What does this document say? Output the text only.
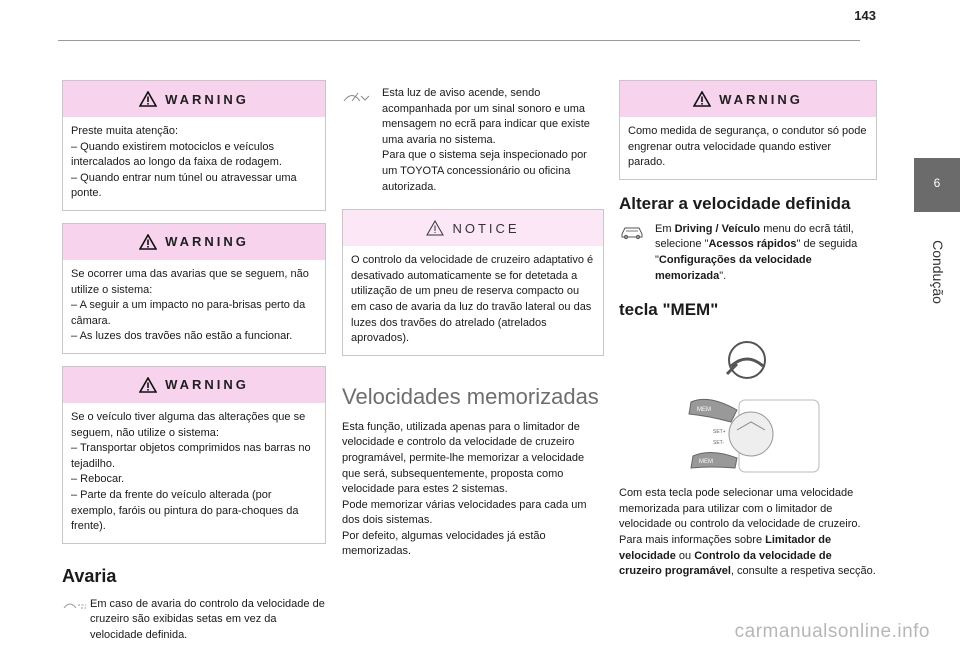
143
6
Condução
WARNING

Preste muita atenção:
– Quando existirem motociclos e veículos intercalados ao longo da faixa de rodagem.
– Quando entrar num túnel ou atravessar uma ponte.

WARNING

Se ocorrer uma das avarias que se seguem, não utilize o sistema:
– A seguir a um impacto no para-brisas perto da câmara.
– As luzes dos travões não estão a funcionar.

WARNING

Se o veículo tiver alguma das alterações que se seguem, não utilize o sistema:
– Transportar objetos comprimidos nas barras no tejadilho.
– Rebocar.
– Parte da frente do veículo alterada (por exemplo, faróis ou pintura do para-choques da frente).

Avaria

Em caso de avaria do controlo da velocidade de cruzeiro são exibidas setas em vez da velocidade definida.

Esta luz de aviso acende, sendo acompanhada por um sinal sonoro e uma mensagem no ecrã para indicar que existe uma avaria no sistema.
Para que o sistema seja inspecionado por um TOYOTA concessionário ou oficina autorizada.

NOTICE

O controlo da velocidade de cruzeiro adaptativo é desativado automaticamente se for detetada a utilização de um pneu de reserva compacto ou em caso de avaria da luz do travão lateral ou das luzes dos travões do atrelado (atrelados aprovados).

Velocidades memorizadas

Esta função, utilizada apenas para o limitador de velocidade e controlo da velocidade de cruzeiro programável, permite-lhe memorizar a velocidade que será, subsequentemente, proposta como velocidade para estes 2 sistemas.
Pode memorizar várias velocidades para cada um dos dois sistemas.
Por defeito, algumas velocidades já estão memorizadas.

WARNING

Como medida de segurança, o condutor só pode engrenar outra velocidade quando estiver parado.

Alterar a velocidade definida

Em Driving / Veículo menu do ecrã tátil, selecione "Acessos rápidos" de seguida "Configurações da velocidade memorizada".

tecla "MEM"
MEM
MEM
SET+
SET-

Com esta tecla pode selecionar uma velocidade memorizada para utilizar com o limitador de velocidade ou controlo da velocidade de cruzeiro.
Para mais informações sobre Limitador de velocidade ou Controlo da velocidade de cruzeiro programável, consulte a respetiva secção.

carmanualsonline.info
